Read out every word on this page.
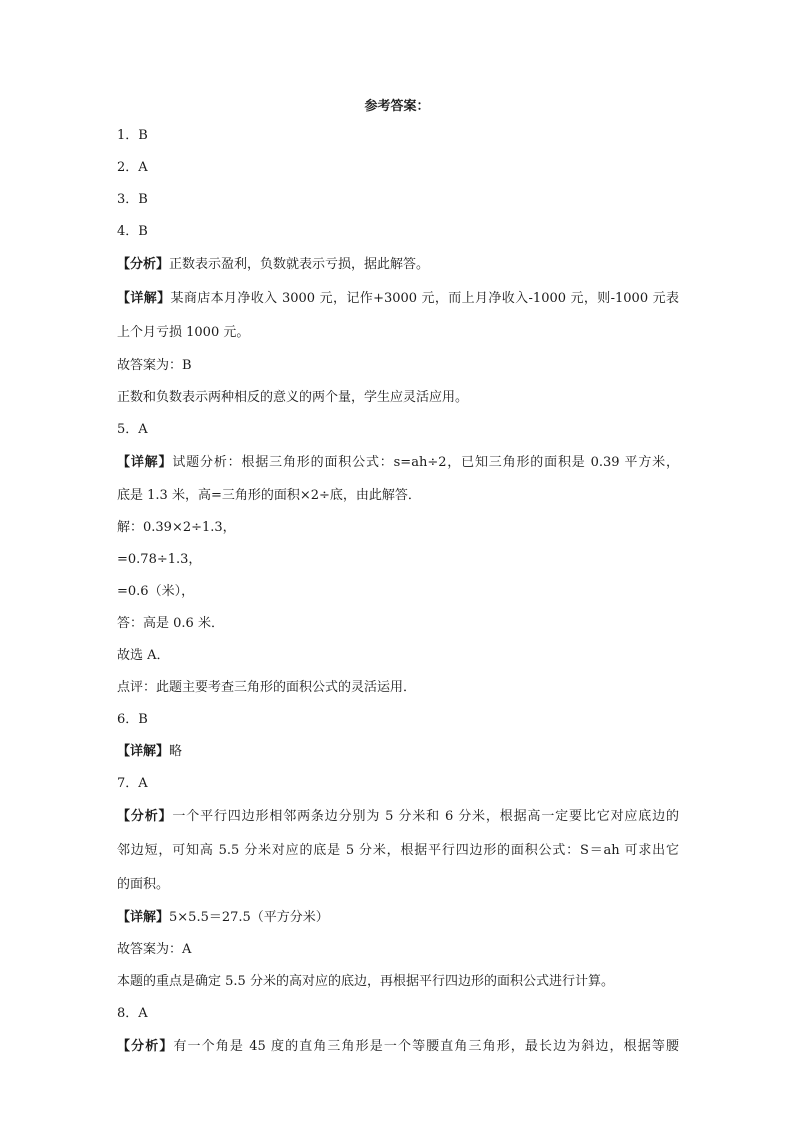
参考答案：
1．B
2．A
3．B
4．B
【分析】正数表示盈利，负数就表示亏损，据此解答。
【详解】某商店本月净收入 3000 元，记作+3000 元，而上月净收入-1000 元，则-1000 元表
上个月亏损 1000 元。
故答案为：B
正数和负数表示两种相反的意义的两个量，学生应灵活应用。
5．A
【详解】试题分析：根据三角形的面积公式：s=ah÷2，已知三角形的面积是 0.39 平方米，
底是 1.3 米，高=三角形的面积×2÷底，由此解答．
解：0.39×2÷1.3，
=0.78÷1.3，
=0.6（米），
答：高是 0.6 米．
故选 A．
点评：此题主要考查三角形的面积公式的灵活运用．
6．B
【详解】略
7．A
【分析】一个平行四边形相邻两条边分别为 5 分米和 6 分米，根据高一定要比它对应底边的
邻边短，可知高 5.5 分米对应的底是 5 分米，根据平行四边形的面积公式：S＝ah 可求出它
的面积。
【详解】5×5.5＝27.5（平方分米）
故答案为：A
本题的重点是确定 5.5 分米的高对应的底边，再根据平行四边形的面积公式进行计算。
8．A
【分析】有一个角是 45 度的直角三角形是一个等腰直角三角形，最长边为斜边，根据等腰
